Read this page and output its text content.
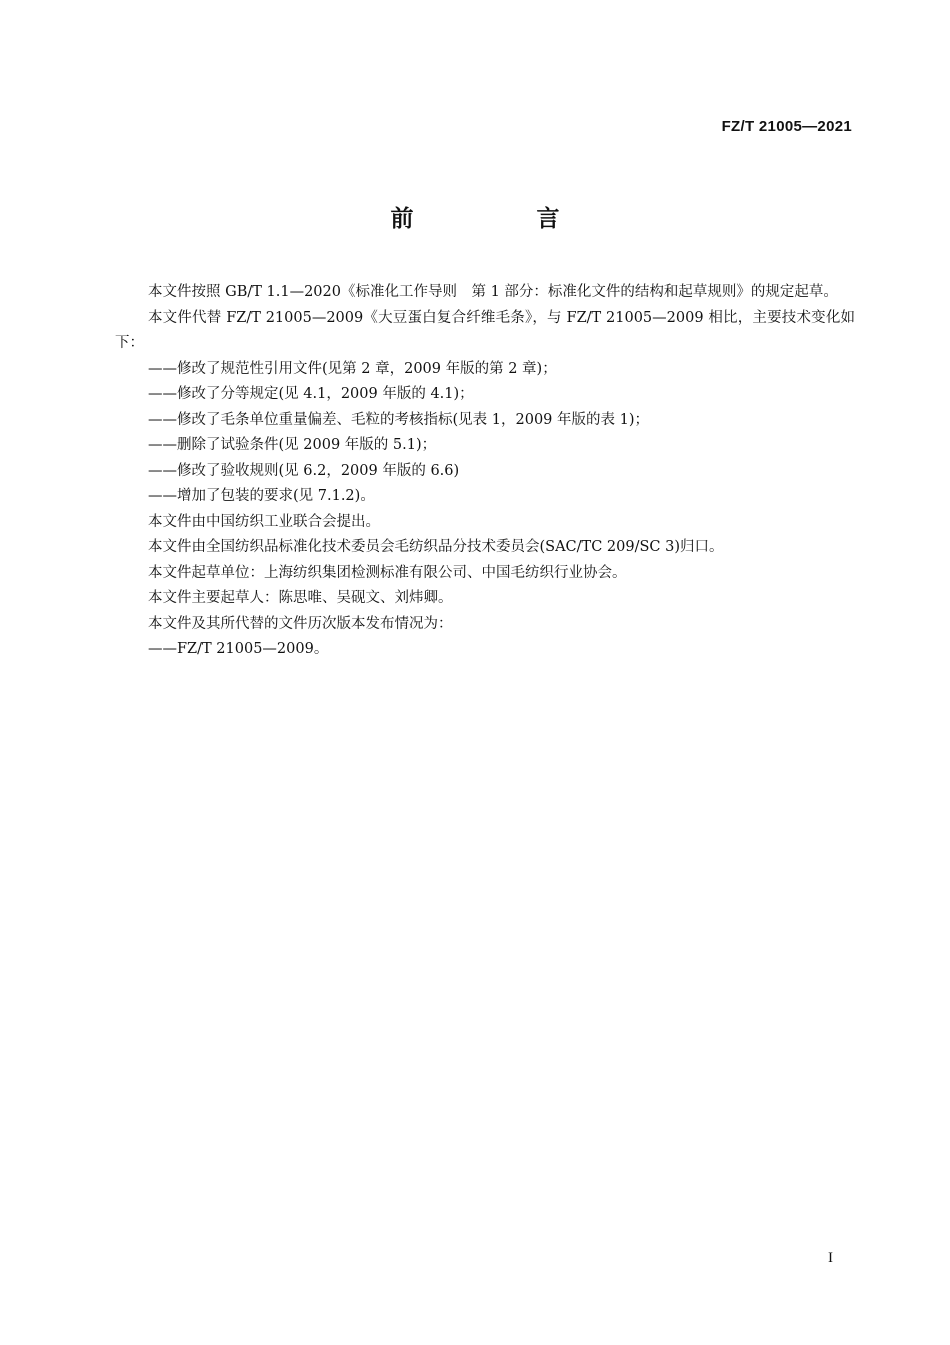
FZ/T 21005—2021
前　言

本文件按照 GB/T 1.1—2020《标准化工作导则　第 1 部分：标准化文件的结构和起草规则》的规定起草。

本文件代替 FZ/T 21005—2009《大豆蛋白复合纤维毛条》，与 FZ/T 21005—2009 相比，主要技术变化如下：

——修改了规范性引用文件(见第 2 章，2009 年版的第 2 章)；

——修改了分等规定(见 4.1，2009 年版的 4.1)；

——修改了毛条单位重量偏差、毛粒的考核指标(见表 1，2009 年版的表 1)；

——删除了试验条件(见 2009 年版的 5.1)；

——修改了验收规则(见 6.2，2009 年版的 6.6)

——增加了包装的要求(见 7.1.2)。

本文件由中国纺织工业联合会提出。

本文件由全国纺织品标准化技术委员会毛纺织品分技术委员会(SAC/TC 209/SC 3)归口。

本文件起草单位：上海纺织集团检测标准有限公司、中国毛纺织行业协会。

本文件主要起草人：陈思唯、吴砚文、刘炜卿。

本文件及其所代替的文件历次版本发布情况为：

——FZ/T 21005—2009。

I
